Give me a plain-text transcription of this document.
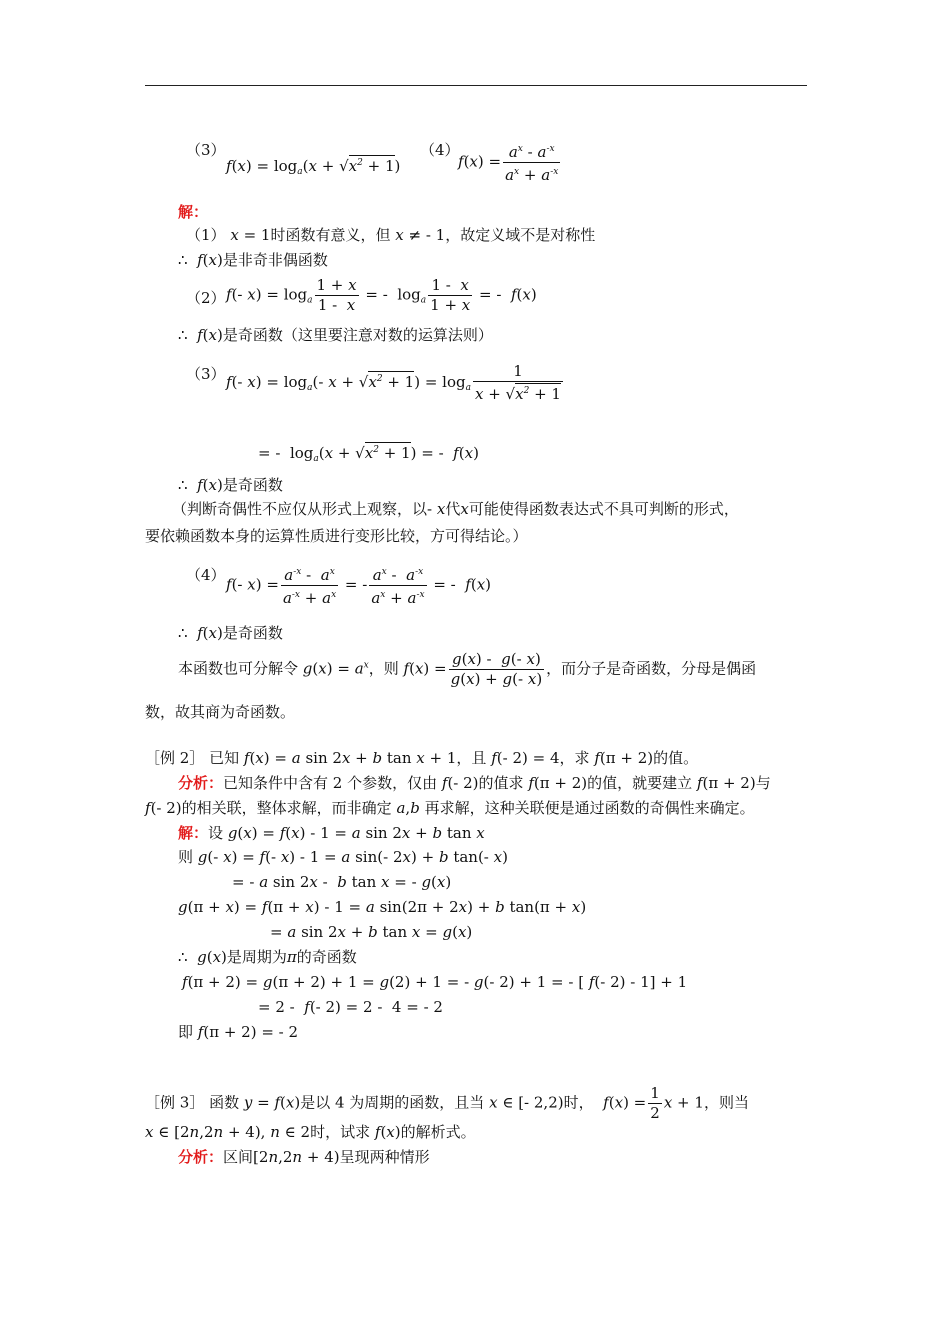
（3）
$f(x) = \log_a(x + √x^2 + 1)$
（4）
$f(x) = \frac{a^x - a^{-x}}{a^x + a^{-x}}$
解：
（1） x = 1时函数有意义，但 x ≠ - 1，故定义域不是对称性
∴ f(x)是非奇非偶函数
（2） f(- $x) = \log_a \frac{1 + x}{1 - x}$ = -  $\log_a \frac{1 - x}{1 + x}$ = -  f(x)
∴ f(x)是奇函数（这里要注意对数的运算法则）
（3） f(- $x) = \log_a(-$ $x + √x^2 + 1) = \log_a \frac{1}{x + √x^2 + 1}$
= -  $\log_a(x + √x^2 + 1)$ = -  f(x)
∴ f(x)是奇函数
（判断奇偶性不应仅从形式上观察，以- x代x可能使得函数表达式不具可判断的形式，
要依赖函数本身的运算性质进行变形比较，方可得结论。）
（4）
f(- $x) = \frac{a^{-x} - a^x}{a^{-x} + a^x}$ = - $\frac{a^x - a^{-x}}{a^x + a^{-x}}$ = -  f(x)
∴ f(x)是奇函数
本函数也可分解令 $g(x) = a^x$，则 $f(x) = \frac{g(x) - g(- x)}{g(x) + g(- x)}$ ，而分子是奇函数，分母是偶函
数，故其商为奇函数。
［例 2］ 已知 f(x) = a sin 2x + b tan x + 1，且 f(- 2) = 4，求 f(π + 2)的值。
分析：已知条件中含有 2 个参数，仅由 f(- 2)的值求 f(π + 2)的值，就要建立 f(π + 2)与
f(- 2)的相关联，整体求解，而非确定 a,b 再求解，这种关联便是通过函数的奇偶性来确定。
解：设 g(x) = f(x) - 1 = a sin 2x + b tan x
则 g(- x) = f(- x) - 1 = a sin(- 2x) + b tan(- x)
= - a sin 2x -  b tan x = - g(x)
g(π + x) = f(π + x) - 1 = a sin(2π + 2x) + b tan(π + x)
= a sin 2x + b tan x = g(x)
∴ g(x)是周期为π的奇函数
f(π + 2) = g(π + 2) + 1 = g(2) + 1 = - g(- 2) + 1 = - [ f(- 2) - 1] + 1
= 2 -  f(- 2) = 2 -  4 = - 2
即 f(π + 2) = - 2
［例 3］ 函数 y = f(x)是以 4 为周期的函数，且当 x ∈ [- 2,2)时， $f(x) = \frac{1}{2}$ x + 1，则当
x ∈ [2n,2n + 4), n ∈ 2时，试求 f(x)的解析式。
分析：区间[2n,2n + 4)呈现两种情形
